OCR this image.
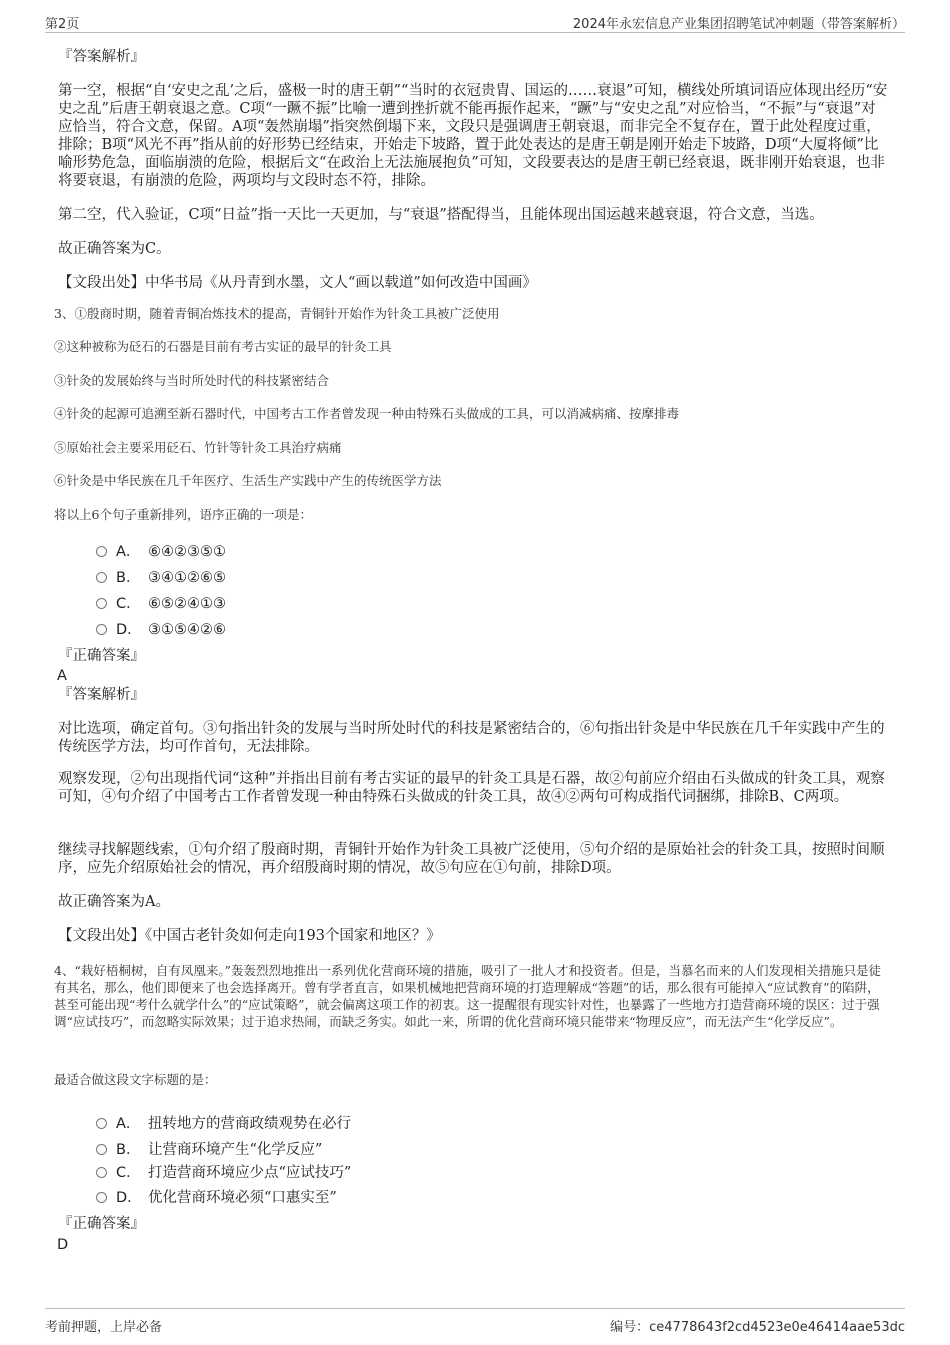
第2页	2024年永宏信息产业集团招聘笔试冲刺题（带答案解析）

『答案解析』

第一空，根据“自‘安史之乱’之后，盛极一时的唐王朝”“当时的衣冠贵胄、国运的……衰退”可知，横线处所填词语应体现出经历“安史之乱”后唐王朝衰退之意。C项“一蹶不振”比喻一遭到挫折就不能再振作起来，“蹶”与“安史之乱”对应恰当，“不振”与“衰退”对应恰当，符合文意，保留。A项“轰然崩塌”指突然倒塌下来，文段只是强调唐王朝衰退，而非完全不复存在，置于此处程度过重，排除；B项“风光不再”指从前的好形势已经结束，开始走下坡路，置于此处表达的是唐王朝是刚开始走下坡路，D项“大厦将倾”比喻形势危急，面临崩溃的危险，根据后文“在政治上无法施展抱负”可知，文段要表达的是唐王朝已经衰退，既非刚开始衰退，也非将要衰退，有崩溃的危险，两项均与文段时态不符，排除。

第二空，代入验证，C项“日益”指一天比一天更加，与“衰退”搭配得当，且能体现出国运越来越衰退，符合文意，当选。

故正确答案为C。

【文段出处】中华书局《从丹青到水墨，文人“画以载道”如何改造中国画》

3、①殷商时期，随着青铜冶炼技术的提高，青铜针开始作为针灸工具被广泛使用

②这种被称为砭石的石器是目前有考古实证的最早的针灸工具

③针灸的发展始终与当时所处时代的科技紧密结合

④针灸的起源可追溯至新石器时代，中国考古工作者曾发现一种由特殊石头做成的工具，可以消减病痛、按摩排毒

⑤原始社会主要采用砭石、竹针等针灸工具治疗病痛

⑥针灸是中华民族在几千年医疗、生活生产实践中产生的传统医学方法

将以上6个句子重新排列，语序正确的一项是：

A． ⑥④②③⑤①
B． ③④①②⑥⑤
C． ⑥⑤②④①③
D． ③①⑤④②⑥

『正确答案』

A

『答案解析』

对比选项，确定首句。③句指出针灸的发展与当时所处时代的科技是紧密结合的，⑥句指出针灸是中华民族在几千年实践中产生的传统医学方法，均可作首句，无法排除。

观察发现，②句出现指代词“这种”并指出目前有考古实证的最早的针灸工具是石器，故②句前应介绍由石头做成的针灸工具，观察可知，④句介绍了中国考古工作者曾发现一种由特殊石头做成的针灸工具，故④②两句可构成指代词捆绑，排除B、C两项。

继续寻找解题线索，①句介绍了殷商时期，青铜针开始作为针灸工具被广泛使用，⑤句介绍的是原始社会的针灸工具，按照时间顺序，应先介绍原始社会的情况，再介绍殷商时期的情况，故⑤句应在①句前，排除D项。

故正确答案为A。

【文段出处】《中国古老针灸如何走向193个国家和地区？》

4、“栽好梧桐树，自有凤凰来。”轰轰烈烈地推出一系列优化营商环境的措施，吸引了一批人才和投资者。但是，当慕名而来的人们发现相关措施只是徒有其名，那么，他们即便来了也会选择离开。曾有学者直言，如果机械地把营商环境的打造理解成“答题”的话，那么很有可能掉入“应试教育”的陷阱，甚至可能出现“考什么就学什么”的“应试策略”，就会偏离这项工作的初衷。这一提醒很有现实针对性，也暴露了一些地方打造营商环境的误区：过于强调“应试技巧”，而忽略实际效果；过于追求热闹，而缺乏务实。如此一来，所谓的优化营商环境只能带来“物理反应”，而无法产生“化学反应”。

最适合做这段文字标题的是：

A． 扭转地方的营商政绩观势在必行
B． 让营商环境产生“化学反应”
C． 打造营商环境应少点“应试技巧”
D． 优化营商环境必须“口惠实至”

『正确答案』

D
考前押题，上岸必备	编号：ce4778643f2cd4523e0e46414aae53dc
